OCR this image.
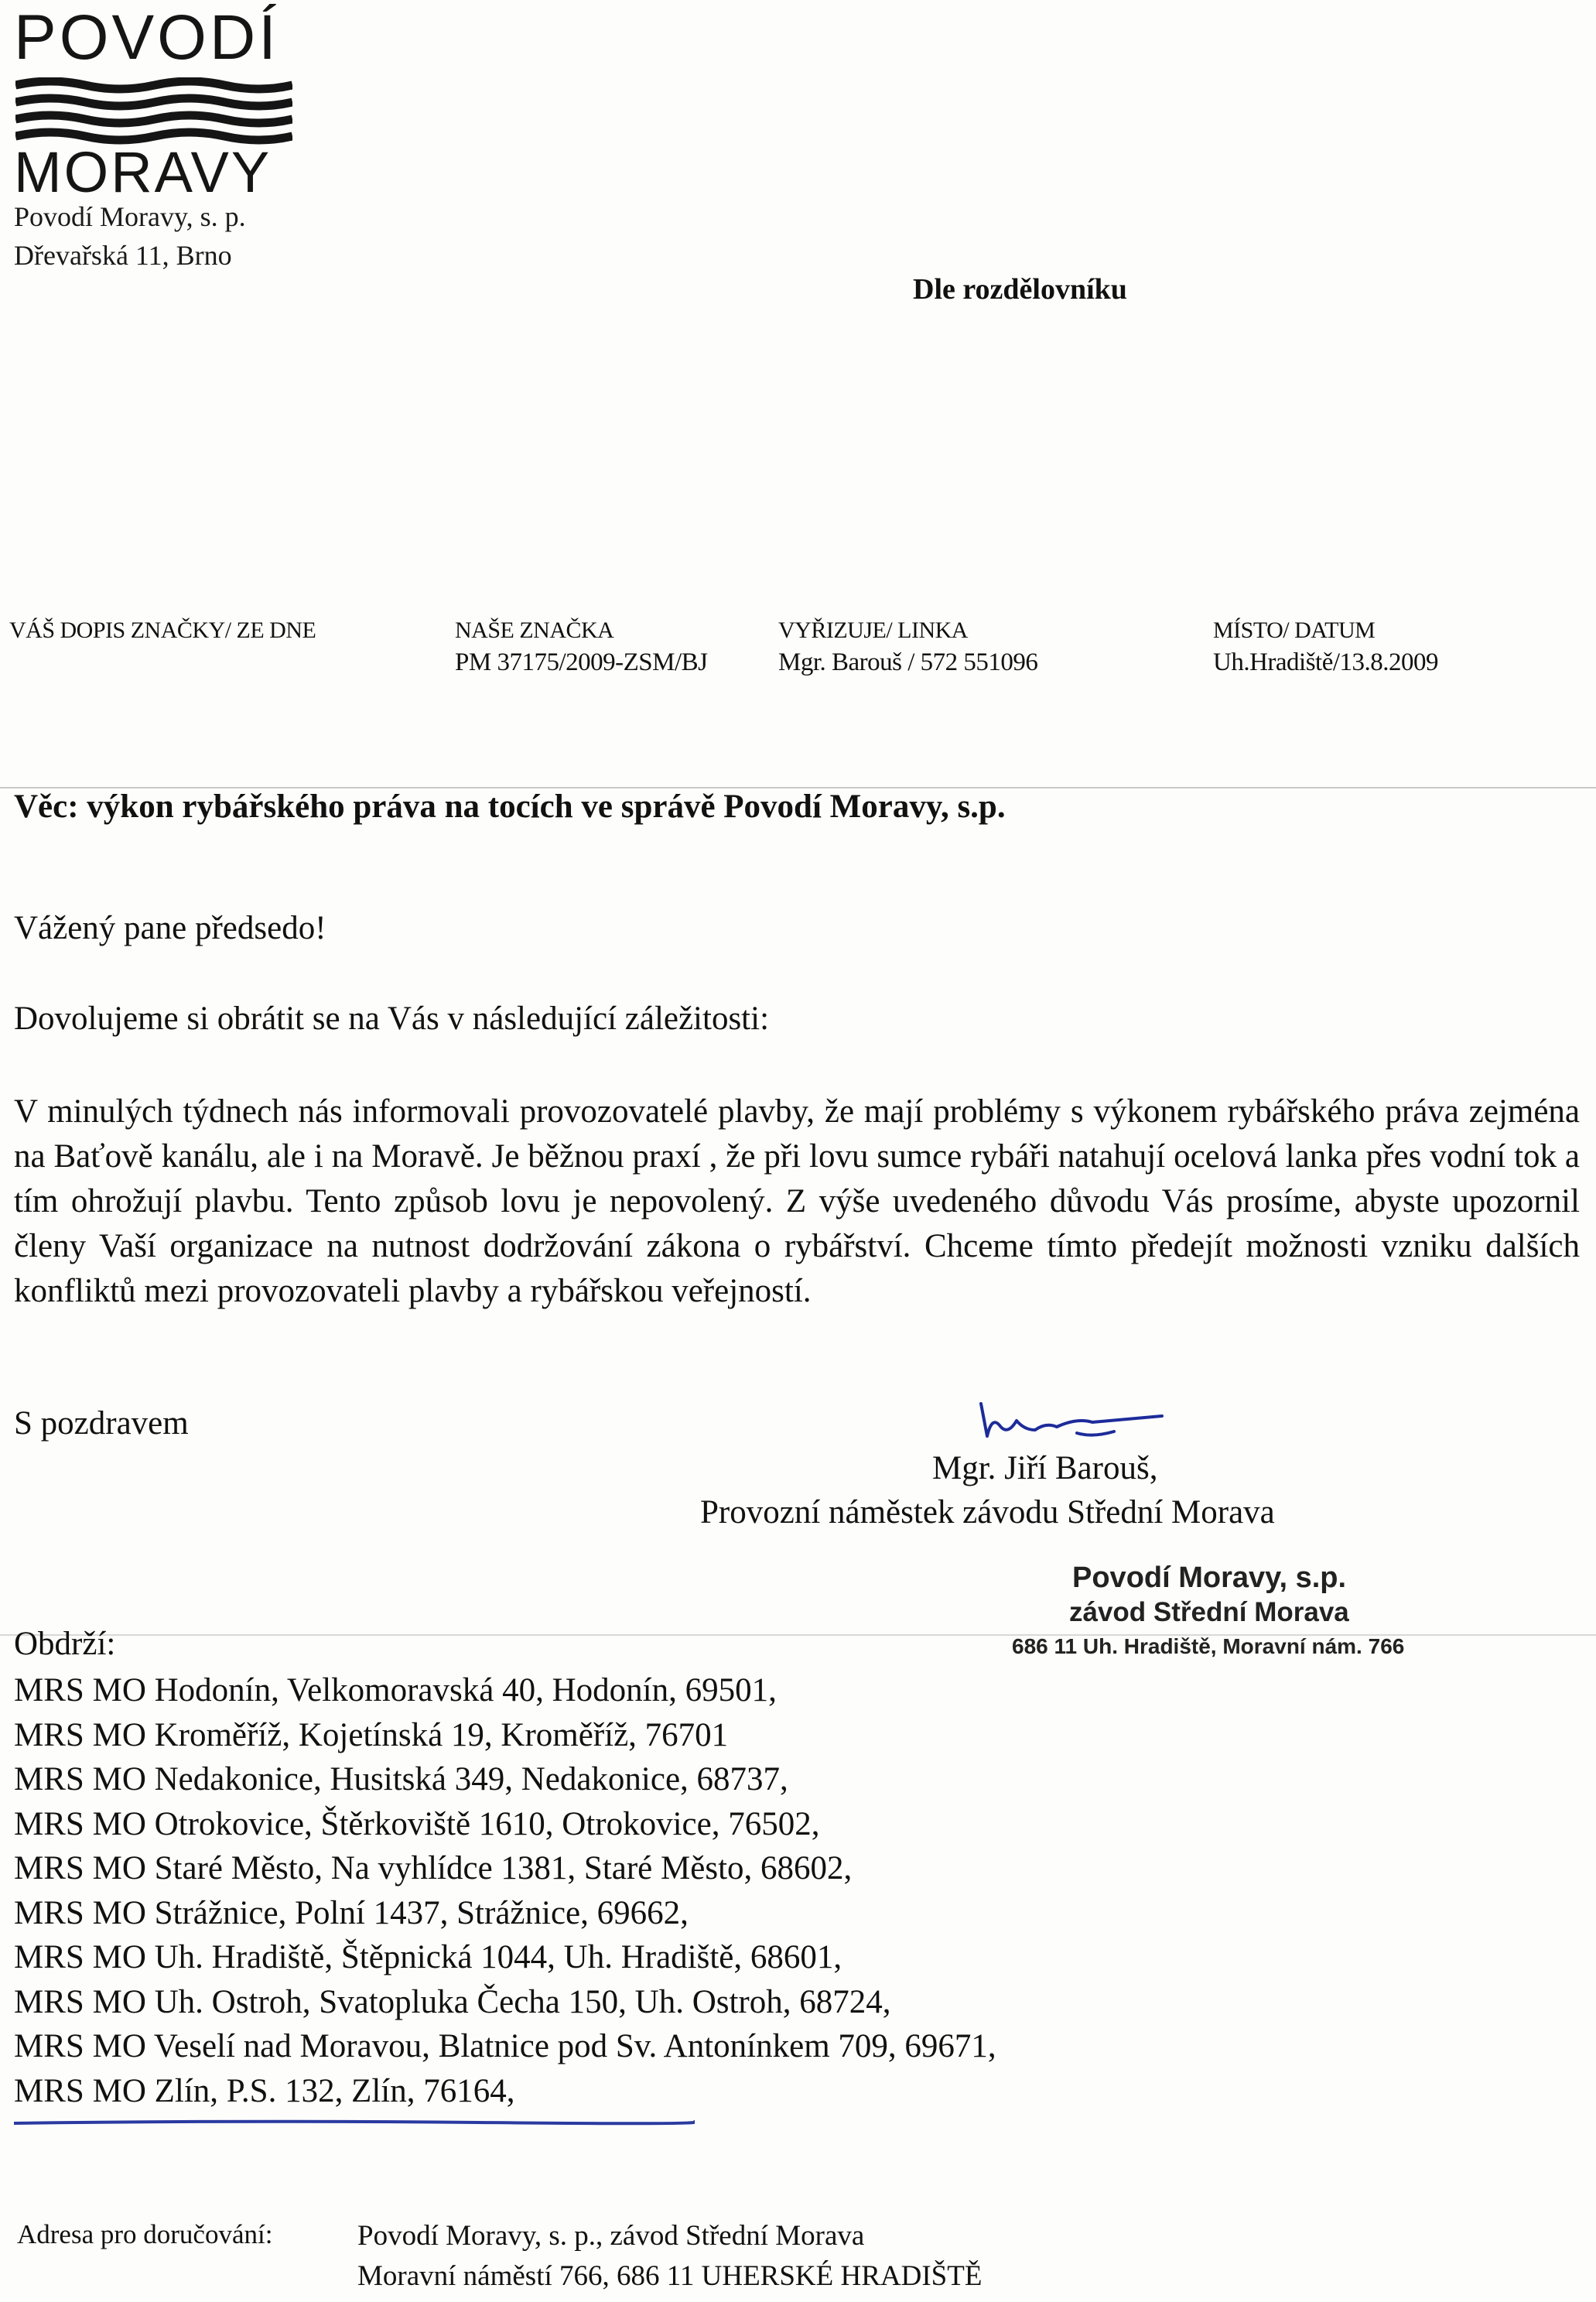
POVODÍ
MORAVY
Povodí Moravy, s. p.
Dřevařská 11, Brno
Dle rozdělovníku
VÁŠ DOPIS ZNAČKY/ ZE DNE	NAŠE ZNAČKA
PM 37175/2009-ZSM/BJ
VYŘIZUJE/ LINKA
Mgr. Barouš / 572 551096
MÍSTO/ DATUM
Uh.Hradiště/13.8.2009
Věc: výkon rybářského práva na tocích ve správě Povodí Moravy, s.p.
Vážený pane předsedo!
Dovolujeme si obrátit se na Vás v následující záležitosti:
V minulých týdnech nás informovali provozovatelé plavby, že mají problémy s výkonem rybářského práva zejména na Baťově kanálu, ale i na Moravě. Je běžnou praxí , že při lovu sumce rybáři natahují ocelová lanka přes vodní tok a tím ohrožují plavbu. Tento způsob lovu je nepovolený. Z výše uvedeného důvodu Vás prosíme, abyste upozornil členy Vaší organizace na nutnost dodržování zákona o rybářství. Chceme tímto předejít možnosti vzniku dalších konfliktů mezi provozovateli plavby a rybářskou veřejností.
S pozdravem
Mgr. Jiří Barouš,
Provozní náměstek závodu Střední Morava
Povodí Moravy, s.p.
závod Střední Morava
686 11 Uh. Hradiště, Moravní nám. 766
Obdrží:
MRS MO Hodonín, Velkomoravská 40, Hodonín, 69501,
MRS MO Kroměříž, Kojetínská 19, Kroměříž, 76701
MRS MO Nedakonice, Husitská 349, Nedakonice, 68737,
MRS MO Otrokovice, Štěrkoviště 1610, Otrokovice, 76502,
MRS MO Staré Město, Na vyhlídce 1381, Staré Město, 68602,
MRS MO Strážnice, Polní 1437, Strážnice, 69662,
MRS MO Uh. Hradiště, Štěpnická 1044, Uh. Hradiště, 68601,
MRS MO Uh. Ostroh, Svatopluka Čecha 150, Uh. Ostroh, 68724,
MRS MO Veselí nad Moravou, Blatnice pod Sv. Antonínkem 709, 69671,
MRS MO Zlín, P.S. 132, Zlín, 76164,
Adresa pro doručování:	Povodí Moravy, s. p., závod Střední Morava
Moravní náměstí 766, 686 11 UHERSKÉ HRADIŠTĚ
